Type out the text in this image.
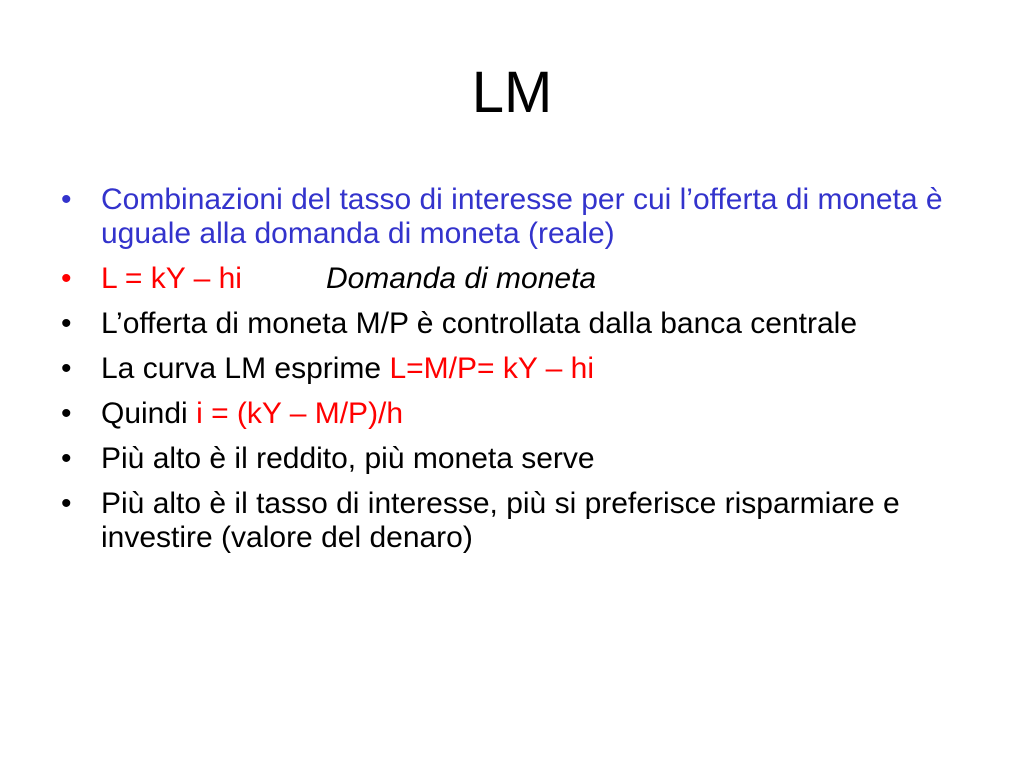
LM
• Combinazioni del tasso di interesse per cui l’offerta di moneta è uguale alla domanda di moneta (reale)
• L = kY – hi	Domanda di moneta
• L’offerta di moneta M/P è controllata dalla banca centrale
• La curva LM esprime L=M/P= kY – hi
• Quindi i = (kY – M/P)/h
• Più alto è il reddito, più moneta serve
• Più alto è il tasso di interesse, più si preferisce risparmiare e investire (valore del denaro)
